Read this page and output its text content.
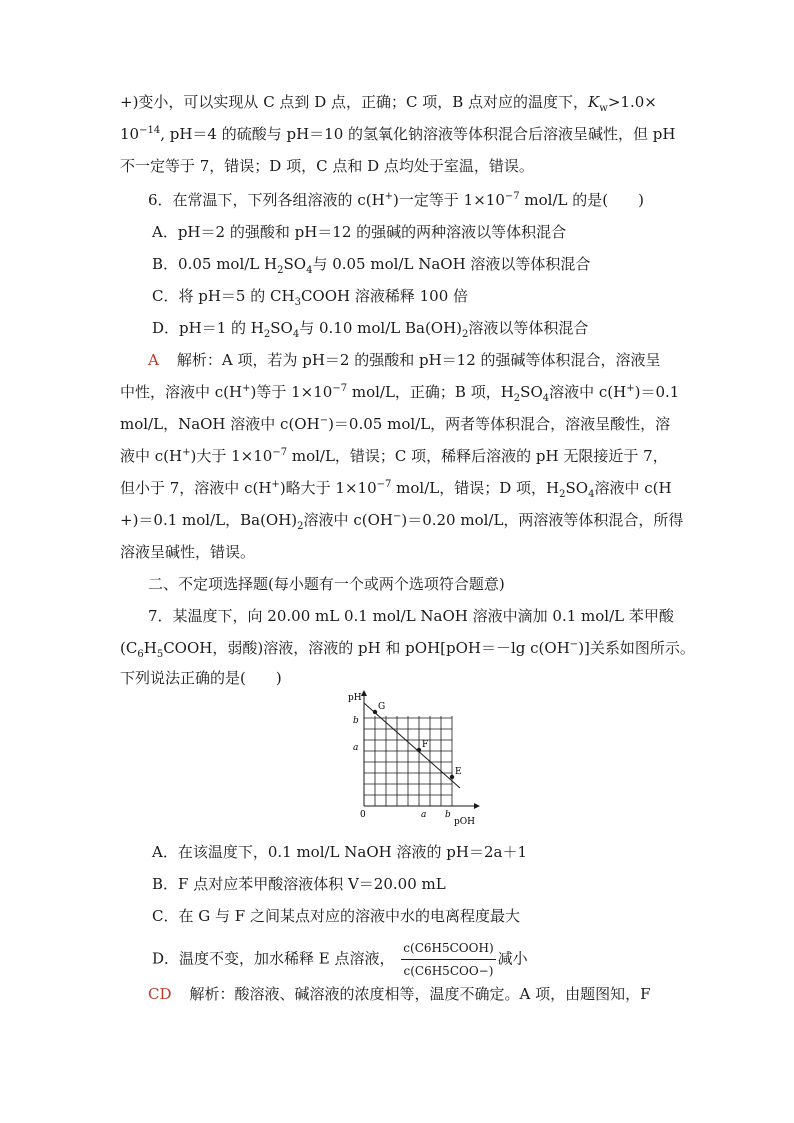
+)变小，可以实现从 C 点到 D 点，正确；C 项，B 点对应的温度下，$K_w>1.0\times$
$10^{-14}$, pH＝4 的硫酸与 pH＝10 的氢氧化钠溶液等体积混合后溶液呈碱性，但 pH
不一定等于 7，错误；D 项，C 点和 D 点均处于室温，错误。
6．在常温下，下列各组溶液的 c(H+)一定等于 $1\times 10^{-7}$ mol/L 的是(　　)
A．pH＝2 的强酸和 pH＝12 的强碱的两种溶液以等体积混合
B．0.05 mol/L $H_2SO_4$与 0.05 mol/L NaOH 溶液以等体积混合
C．将 pH＝5 的 $CH_3COOH$ 溶液稀释 100 倍
D．pH＝1 的 $H_2SO_4$与 0.10 mol/L $Ba(OH)_2$溶液以等体积混合
A 解析：A 项，若为 pH＝2 的强酸和 pH＝12 的强碱等体积混合，溶液呈
中性，溶液中 c(H+)等于 $1\times 10^{-7}$ mol/L，正确；B 项，$H_2SO_4$溶液中 c(H+)＝0.1
mol/L，NaOH 溶液中 c(OH−)＝0.05 mol/L，两者等体积混合，溶液呈酸性，溶
液中 c(H+)大于 $1\times 10^{-7}$ mol/L，错误；C 项，稀释后溶液的 pH 无限接近于 7，
但小于 7，溶液中 c(H+)略大于 $1\times 10^{-7}$ mol/L，错误；D 项，$H_2SO_4$溶液中 c(H
+)＝0.1 mol/L，$Ba(OH)_2$溶液中 c(OH−)＝0.20 mol/L，两溶液等体积混合，所得
溶液呈碱性，错误。
二、不定项选择题(每小题有一个或两个选项符合题意)
7．某温度下，向 20.00 mL 0.1 mol/L NaOH 溶液中滴加 0.1 mol/L 苯甲酸
($C_6H_5COOH$，弱酸)溶液，溶液的 pH 和 pOH[pOH＝－lg c(OH−)]关系如图所示。
下列说法正确的是(　　)
pH
pOH
0	a b
b
a
G
F
E
A．在该温度下，0.1 mol/L NaOH 溶液的 pH＝2a＋1
B．F 点对应苯甲酸溶液体积 V＝20.00 mL
C．在 G 与 F 之间某点对应的溶液中水的电离程度最大
D．温度不变，加水稀释 E 点溶液， $\frac{\text{c(C6H5COOH)}}{\text{c(C6H5COO−)}}$ 减小
CD 解析：酸溶液、碱溶液的浓度相等，温度不确定。A 项，由题图知，F
